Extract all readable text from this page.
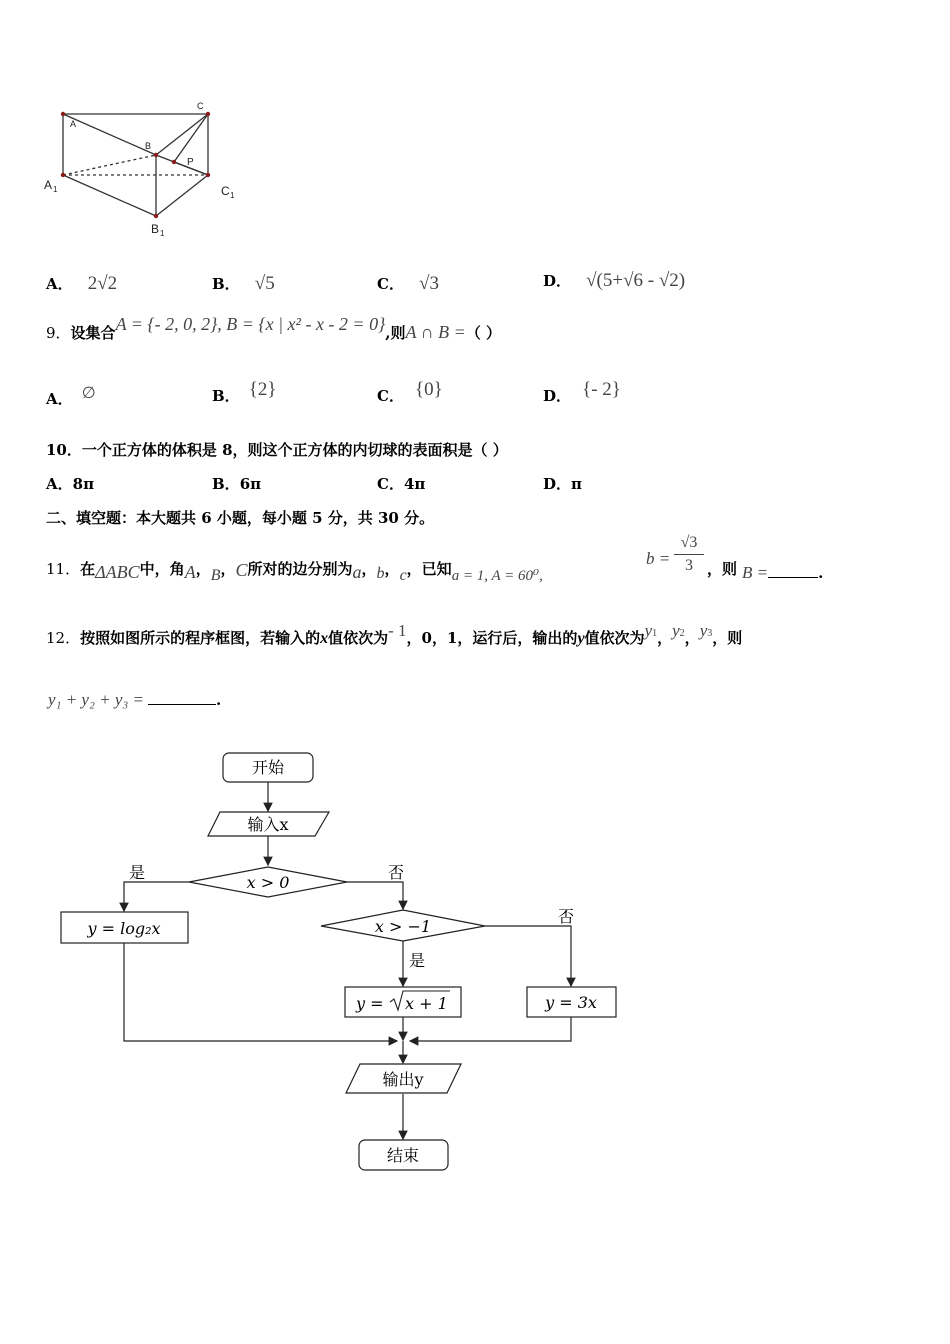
A
C
B
P
A 1	C 1
B 1
A． 2√2	B． √5	C． √3	D． √(5+√6 - √2)
9．设集合A = {- 2, 0, 2}, B = {x | x² - x - 2 = 0},则A ∩ B =（ ）
A． ∅	B． {2}	C． {0}	D． {- 2}
10．一个正方体的体积是 8，则这个正方体的内切球的表面积是（ ）
A．8π	B．6π	C．4π	D．π
二、填空题：本大题共 6 小题，每小题 5 分，共 30 分。
11．在ΔABC中，角A，B，C所对的边分别为a，b，c，已知a = 1, A = 60⁰,
b =
√3
3 ，则 B =	.
12．按照如图所示的程序框图，若输入的x值依次为- 1，0，1，运行后，输出的y值依次为y1，y2，y3，则
y₁ + y₂ + y₃ =	.
开始
输入x
x > 0
是	否
y = log₂x	x > −1
是
否
y = x + 1	y = 3x
输出y
结束
